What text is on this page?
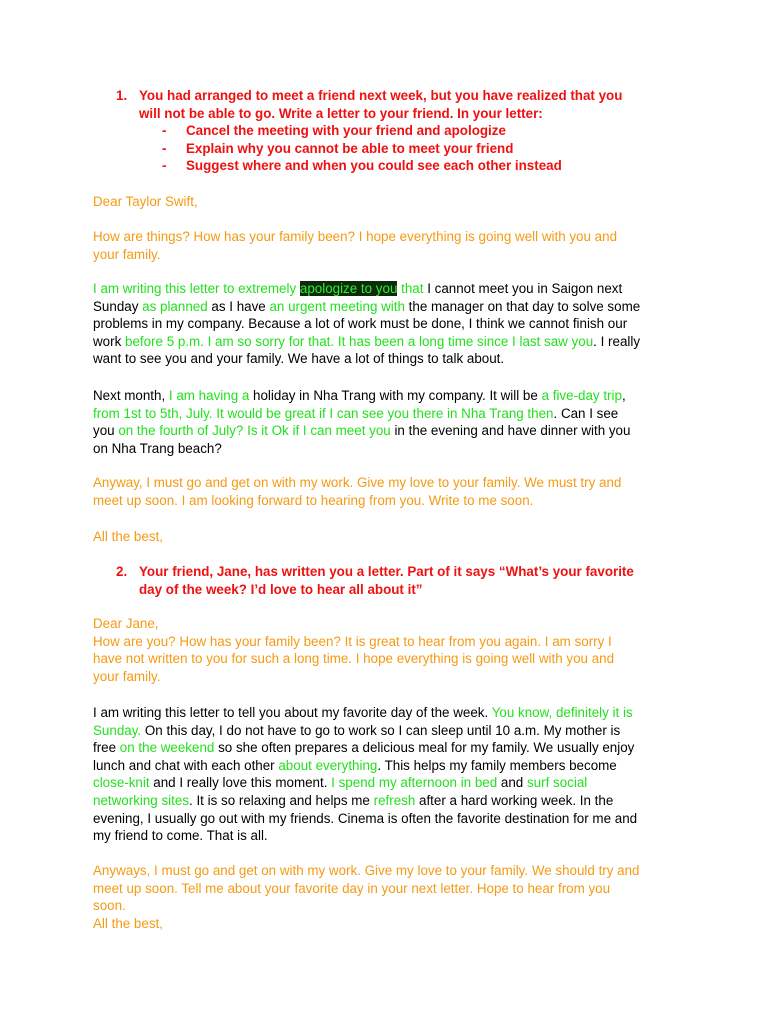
1. You had arranged to meet a friend next week, but you have realized that you
will not be able to go. Write a letter to your friend. In your letter:
- Cancel the meeting with your friend and apologize
- Explain why you cannot be able to meet your friend
- Suggest where and when you could see each other instead
Dear Taylor Swift,
How are things? How has your family been? I hope everything is going well with you and
your family.
I am writing this letter to extremely apologize to you that I cannot meet you in Saigon next
Sunday as planned as I have an urgent meeting with the manager on that day to solve some
problems in my company. Because a lot of work must be done, I think we cannot finish our
work before 5 p.m. I am so sorry for that. It has been a long time since I last saw you. I really
want to see you and your family. We have a lot of things to talk about.
Next month, I am having a holiday in Nha Trang with my company. It will be a five-day trip,
from 1st to 5th, July. It would be great if I can see you there in Nha Trang then. Can I see
you on the fourth of July? Is it Ok if I can meet you in the evening and have dinner with you
on Nha Trang beach?
Anyway, I must go and get on with my work. Give my love to your family. We must try and
meet up soon. I am looking forward to hearing from you. Write to me soon.
All the best,
2. Your friend, Jane, has written you a letter. Part of it says “What’s your favorite
day of the week? I’d love to hear all about it”
Dear Jane,
How are you? How has your family been? It is great to hear from you again. I am sorry I
have not written to you for such a long time. I hope everything is going well with you and
your family.
I am writing this letter to tell you about my favorite day of the week. You know, definitely it is
Sunday. On this day, I do not have to go to work so I can sleep until 10 a.m. My mother is
free on the weekend so she often prepares a delicious meal for my family. We usually enjoy
lunch and chat with each other about everything. This helps my family members become
close-knit and I really love this moment. I spend my afternoon in bed and surf social
networking sites. It is so relaxing and helps me refresh after a hard working week. In the
evening, I usually go out with my friends. Cinema is often the favorite destination for me and
my friend to come. That is all.
Anyways, I must go and get on with my work. Give my love to your family. We should try and
meet up soon. Tell me about your favorite day in your next letter. Hope to hear from you
soon.
All the best,
